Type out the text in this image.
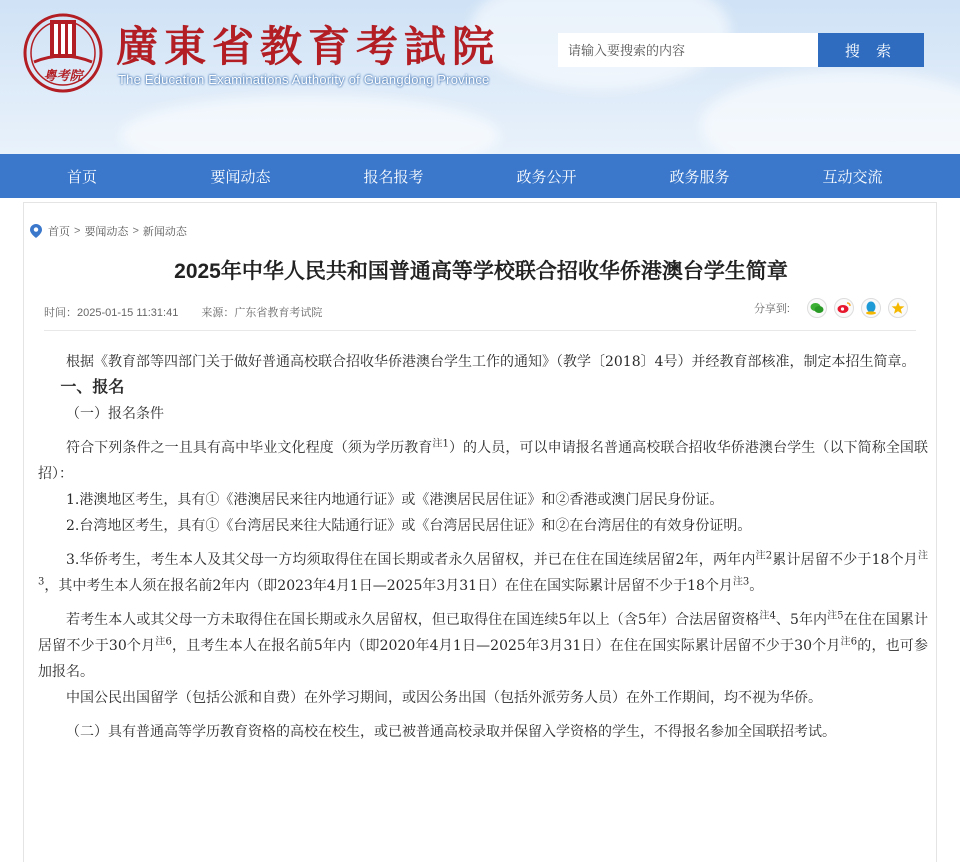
粤考院
廣東省教育考試院
The Education Examinations Authority of Guangdong Province
请输入要搜索的内容
搜 索
首页	要闻动态	报名报考	政务公开	政务服务	互动交流
首页 > 要闻动态 > 新闻动态
2025年中华人民共和国普通高等学校联合招收华侨港澳台学生简章
时间：2025-01-15 11:31:41 来源：广东省教育考试院	分享到:

根据《教育部等四部门关于做好普通高校联合招收华侨港澳台学生工作的通知》（教学〔2018〕4号）并经教育部核准，制定本招生简章。

一、报名

（一）报名条件

符合下列条件之一且具有高中毕业文化程度（须为学历教育$^{注1}$）的人员，可以申请报名普通高校联合招收华侨港澳台学生（以下简称全国联招）：

1.港澳地区考生，具有①《港澳居民来往内地通行证》或《港澳居民居住证》和②香港或澳门居民身份证。

2.台湾地区考生，具有①《台湾居民来往大陆通行证》或《台湾居民居住证》和②在台湾居住的有效身份证明。

3.华侨考生，考生本人及其父母一方均须取得住在国长期或者永久居留权，并已在住在国连续居留2年，两年内$^{注2}$累计居留不少于18个月$^{注3}$，其中考生本人须在报名前2年内（即2023年4月1日—2025年3月31日）在住在国实际累计居留不少于18个月$^{注3}$。

若考生本人或其父母一方未取得住在国长期或永久居留权，但已取得住在国连续5年以上（含5年）合法居留资格$^{注4}$、5年内$^{注5}$在住在国累计居留不少于30个月$^{注6}$，且考生本人在报名前5年内（即2020年4月1日—2025年3月31日）在住在国实际累计居留不少于30个月$^{注6}$的，也可参加报名。

中国公民出国留学（包括公派和自费）在外学习期间，或因公务出国（包括外派劳务人员）在外工作期间，均不视为华侨。

（二）具有普通高等学历教育资格的高校在校生，或已被普通高校录取并保留入学资格的学生，不得报名参加全国联招考试。
